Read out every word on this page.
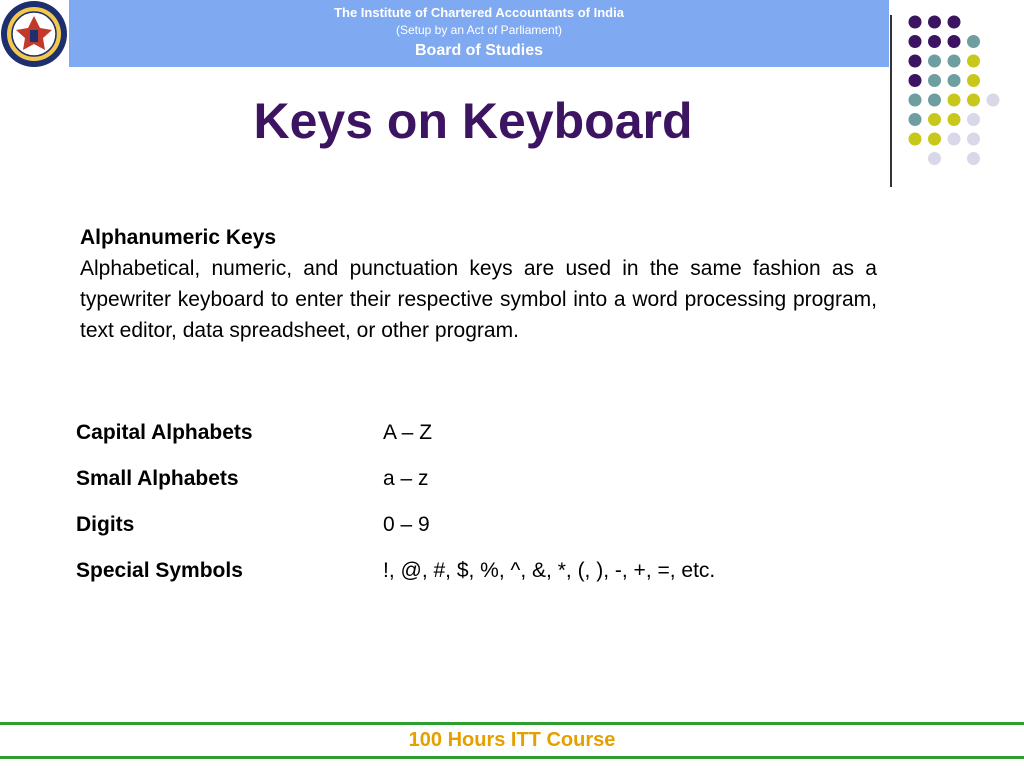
The Institute of Chartered Accountants of India
(Setup by an Act of Parliament)
Board of Studies
Keys on Keyboard
Alphanumeric Keys
Alphabetical, numeric, and punctuation keys are used in the same fashion as a typewriter keyboard to enter their respective symbol into a word processing program, text editor, data spreadsheet, or other program.
Capital Alphabets	A – Z
Small Alphabets	a – z
Digits	0 – 9
Special Symbols	!, @, #, $, %, ^, &, *, (, ), -, +, =, etc.
100 Hours ITT Course
